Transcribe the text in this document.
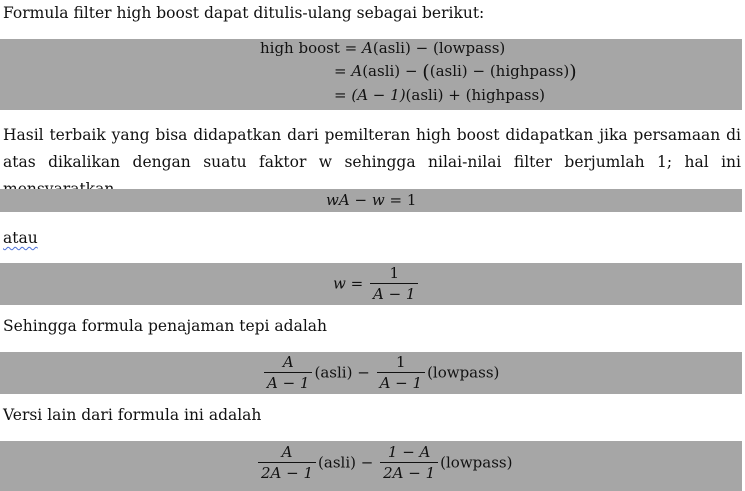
Formula filter high boost dapat ditulis-ulang sebagai berikut:
high boost = A(asli) − (lowpass)
= A(asli) − ((asli) − (highpass))
= (A − 1)(asli) + (highpass)
Hasil terbaik yang bisa didapatkan dari pemilteran high boost didapatkan jika persamaan di atas dikalikan dengan suatu faktor w sehingga nilai-nilai filter berjumlah 1; hal ini
wA − w = 1
atau
$w = \frac{1}{A - 1}$
Sehingga formula penajaman tepi adalah
$\frac{A}{A - 1}$ (asli) − $\frac{1}{A - 1}$ (lowpass)
Versi lain dari formula ini adalah
$\frac{A}{2A - 1}$ (asli) − $\frac{1 - A}{2A - 1}$ (lowpass)
